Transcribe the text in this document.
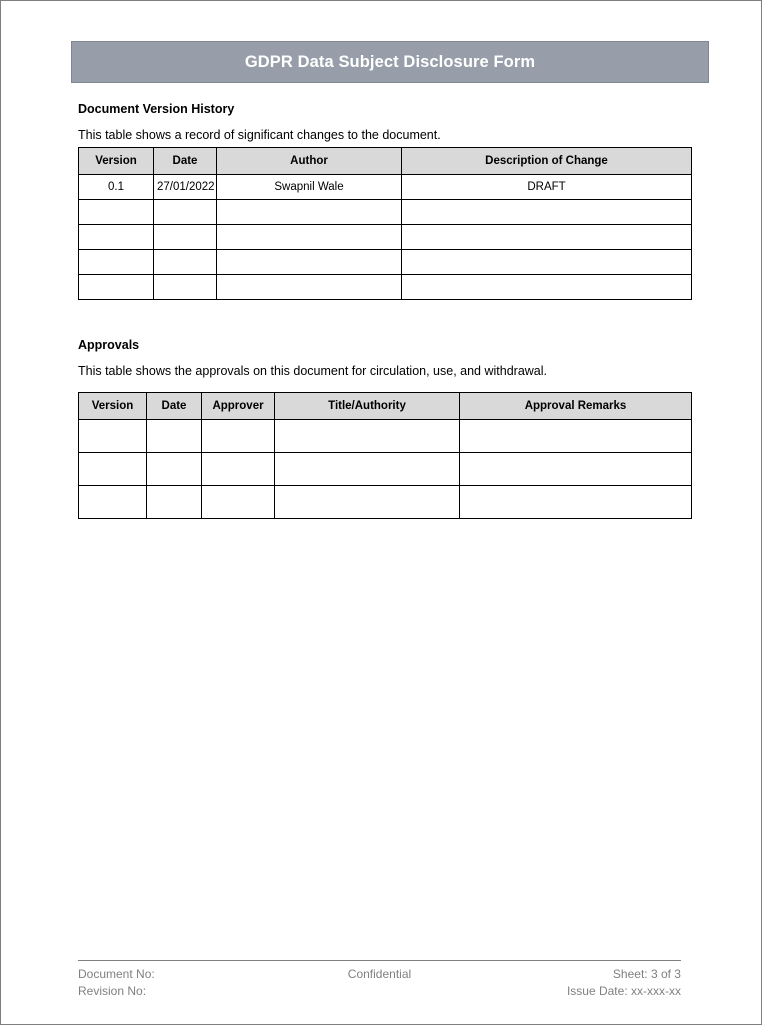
GDPR Data Subject Disclosure Form
Document Version History

This table shows a record of significant changes to the document.

Version	Date	Author	Description of Change
0.1	27/01/2022	Swapnil Wale	DRAFT

Approvals

This table shows the approvals on this document for circulation, use, and withdrawal.

Version	Date	Approver	Title/Authority	Approval Remarks

Document No:	Confidential	Sheet: 3 of 3
Revision No:	Issue Date: xx-xxx-xx
